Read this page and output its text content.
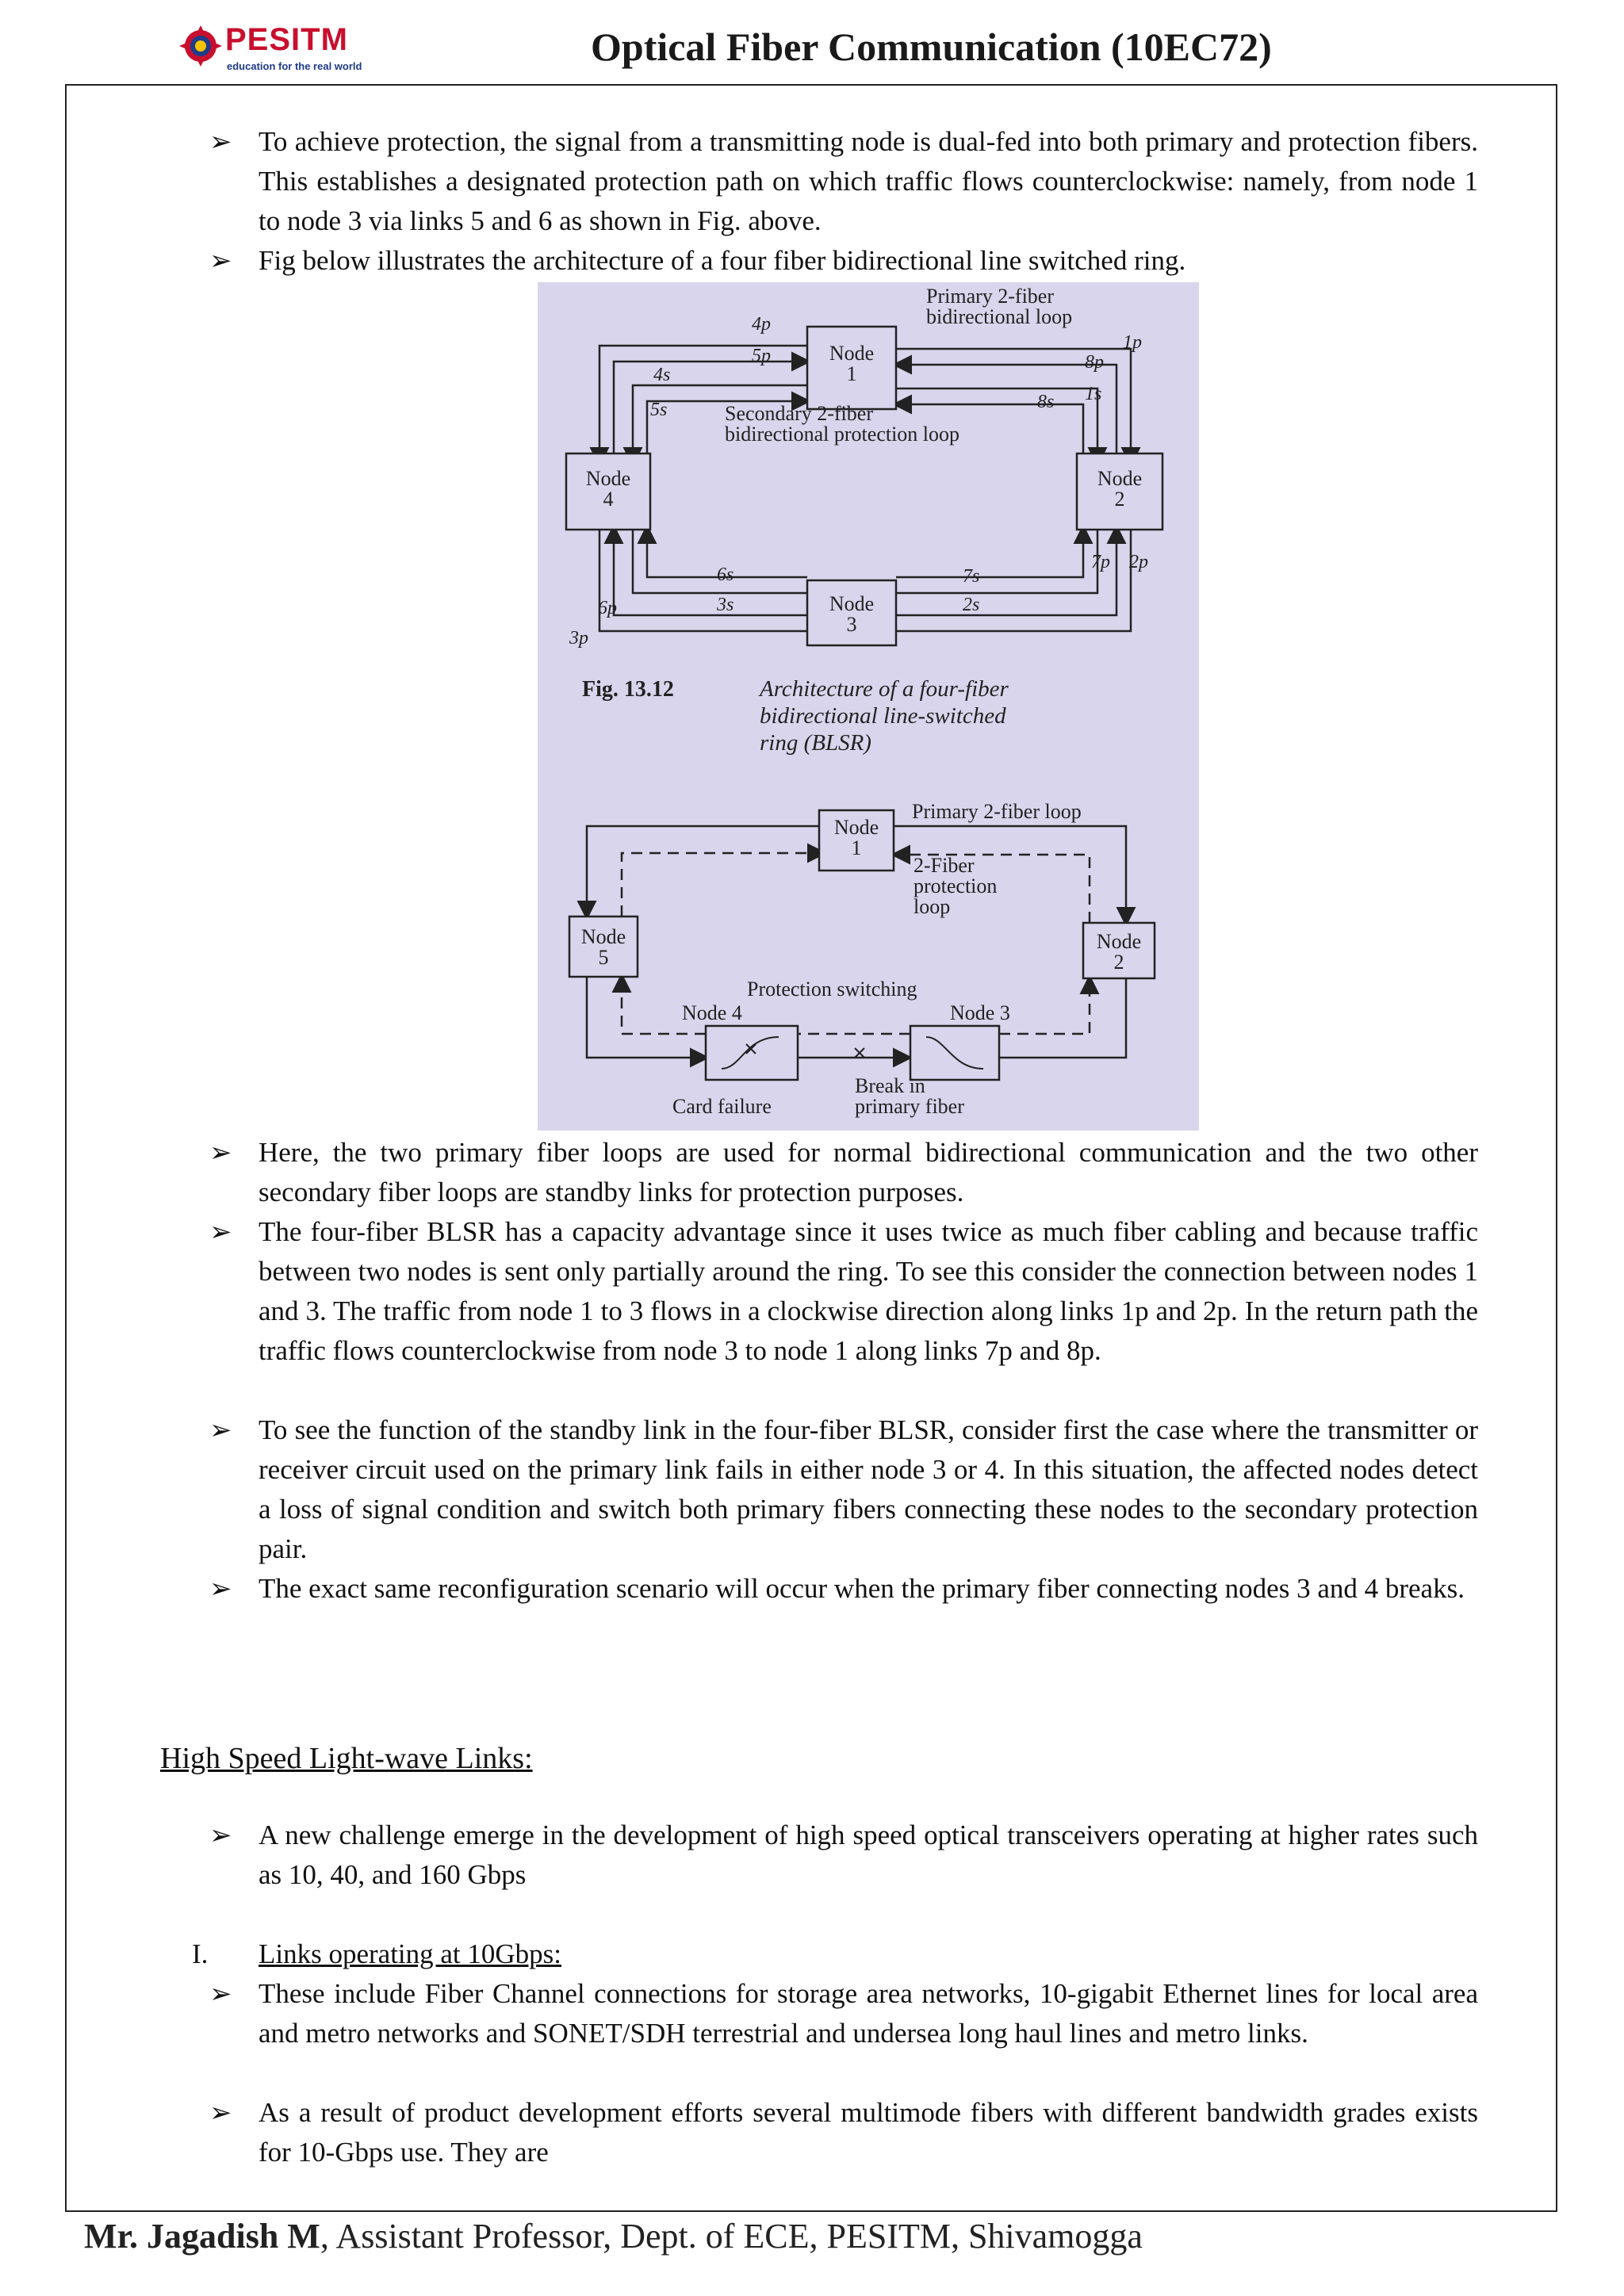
PESITM
education for the real world	Optical Fiber Communication (10EC72)
➢ To achieve protection, the signal from a transmitting node is dual-fed into both primary and protection fibers. This establishes a designated protection path on which traffic flows counterclockwise: namely, from node 1 to node 3 via links 5 and 6 as shown in Fig. above.
➢ Fig below illustrates the architecture of a four fiber bidirectional line switched ring.
Node
1
Node
4
Node
2
Node
3
4p
5p
4s
5s
1p
8p
8s 1s
6s
3s
7s
2s
6p
3p
7p 2p
Primary 2-fiber
bidirectional loop
Secondary 2-fiber
bidirectional protection loop
Fig. 13.12	Architecture of a four-fiber
bidirectional line-switched
ring (BLSR)
Node
1
Node
5
Node
2
Node 4	Node 3
Primary 2-fiber loop
2-Fiber
protection
loop
Protection switching
Break in
primary fiber
Card failure
➢ Here, the two primary fiber loops are used for normal bidirectional communication and the two other secondary fiber loops are standby links for protection purposes.
➢ The four-fiber BLSR has a capacity advantage since it uses twice as much fiber cabling and because traffic between two nodes is sent only partially around the ring. To see this consider the connection between nodes 1 and 3. The traffic from node 1 to 3 flows in a clockwise direction along links 1p and 2p. In the return path the traffic flows counterclockwise from node 3 to node 1 along links 7p and 8p.
➢ To see the function of the standby link in the four-fiber BLSR, consider first the case where the transmitter or receiver circuit used on the primary link fails in either node 3 or 4. In this situation, the affected nodes detect a loss of signal condition and switch both primary fibers connecting these nodes to the secondary protection pair.
➢ The exact same reconfiguration scenario will occur when the primary fiber connecting nodes 3 and 4 breaks.
High Speed Light-wave Links:
➢ A new challenge emerge in the development of high speed optical transceivers operating at higher rates such as 10, 40, and 160 Gbps
I. Links operating at 10Gbps:
➢ These include Fiber Channel connections for storage area networks, 10-gigabit Ethernet lines for local area and metro networks and SONET/SDH terrestrial and undersea long haul lines and metro links.
➢ As a result of product development efforts several multimode fibers with different bandwidth grades exists for 10-Gbps use. They are
Mr. Jagadish M, Assistant Professor, Dept. of ECE, PESITM, Shivamogga
